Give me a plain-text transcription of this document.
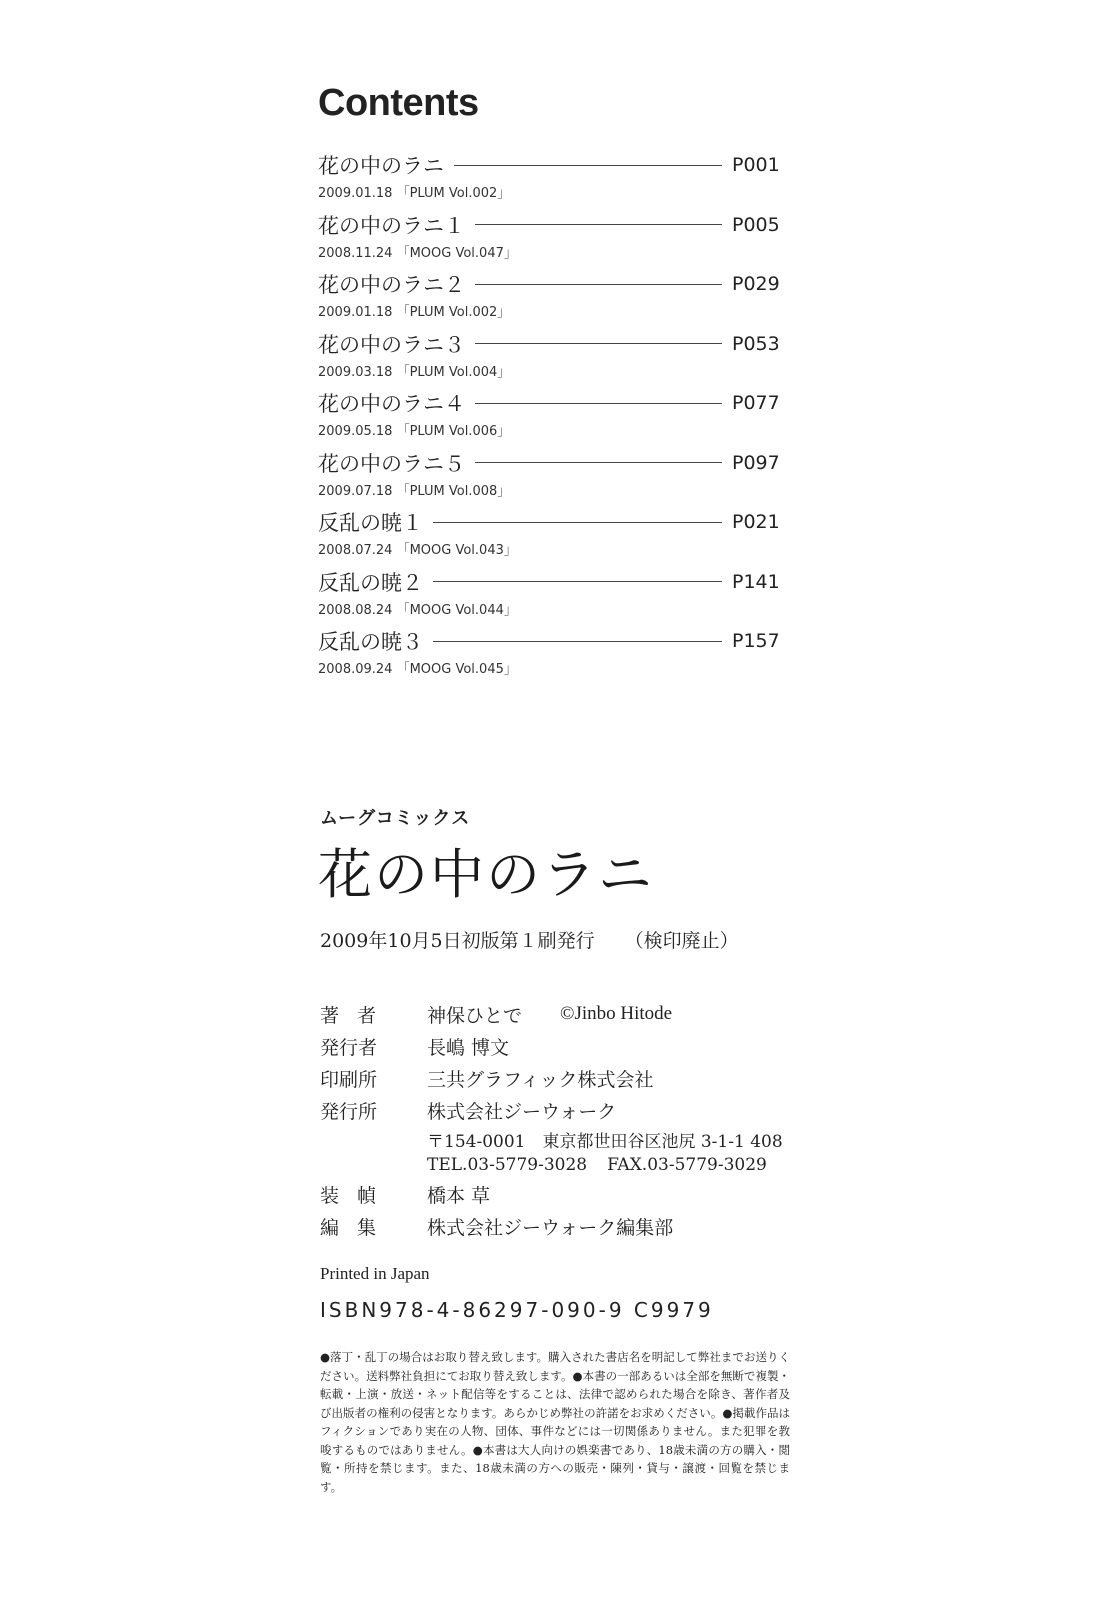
Contents
花の中のラニ	P001
2009.01.18 「PLUM Vol.002」
花の中のラニ１	P005
2008.11.24 「MOOG Vol.047」
花の中のラニ２	P029
2009.01.18 「PLUM Vol.002」
花の中のラニ３	P053
2009.03.18 「PLUM Vol.004」
花の中のラニ４	P077
2009.05.18 「PLUM Vol.006」
花の中のラニ５	P097
2009.07.18 「PLUM Vol.008」
反乱の暁１	P021
2008.07.24 「MOOG Vol.043」
反乱の暁２	P141
2008.08.24 「MOOG Vol.044」
反乱の暁３	P157
2008.09.24 「MOOG Vol.045」
ムーグコミックス
花の中のラニ
2009年10月5日初版第１刷発行 （検印廃止）
著者	神保ひとで ©Jinbo Hitode
発行者	長嶋 博文
印刷所	三共グラフィック株式会社
発行所	株式会社ジーウォーク
〒154-0001　東京都世田谷区池尻 3-1-1 408
TEL.03-5779-3028 FAX.03-5779-3029
装幀	橋本 草
編集	株式会社ジーウォーク編集部
Printed in Japan
ISBN978-4-86297-090-9 C9979
●落丁・乱丁の場合はお取り替え致します。購入された書店名を明記して弊社までお送りください。送料弊社負担にてお取り替え致します。●本書の一部あるいは全部を無断で複製・転載・上演・放送・ネット配信等をすることは、法律で認められた場合を除き、著作者及び出版者の権利の侵害となります。あらかじめ弊社の許諾をお求めください。●掲載作品はフィクションであり実在の人物、団体、事件などには一切関係ありません。また犯罪を教唆するものではありません。●本書は大人向けの娯楽書であり、18歳未満の方の購入・閲覧・所持を禁じます。また、18歳未満の方への販売・陳列・貸与・譲渡・回覧を禁じます。
